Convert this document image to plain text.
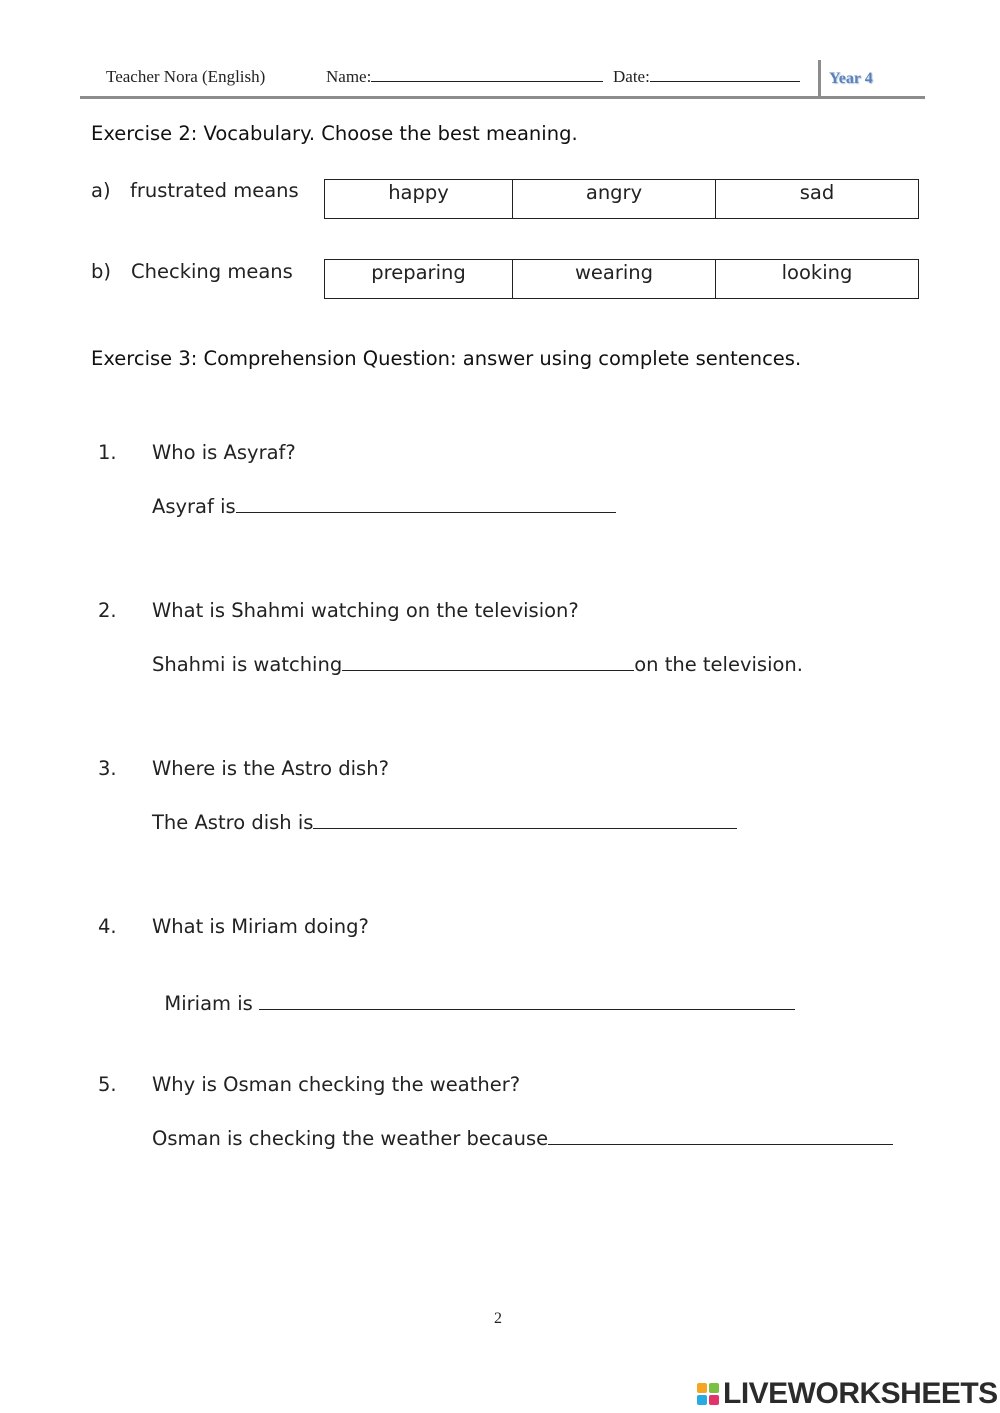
Teacher Nora (English)	Name:	Date:	Year 4
Exercise 2: Vocabulary. Choose the best meaning.
a) frustrated means	happy	angry	sad
b) Checking means	preparing	wearing	looking
Exercise 3: Comprehension Question: answer using complete sentences.
1. Who is Asyraf?
Asyraf is
2. What is Shahmi watching on the television?
Shahmi is watching	on the television.
3. Where is the Astro dish?
The Astro dish is
4. What is Miriam doing?

Miriam is

5. Why is Osman checking the weather?
Osman is checking the weather because
2
LIVEWORKSHEETS
